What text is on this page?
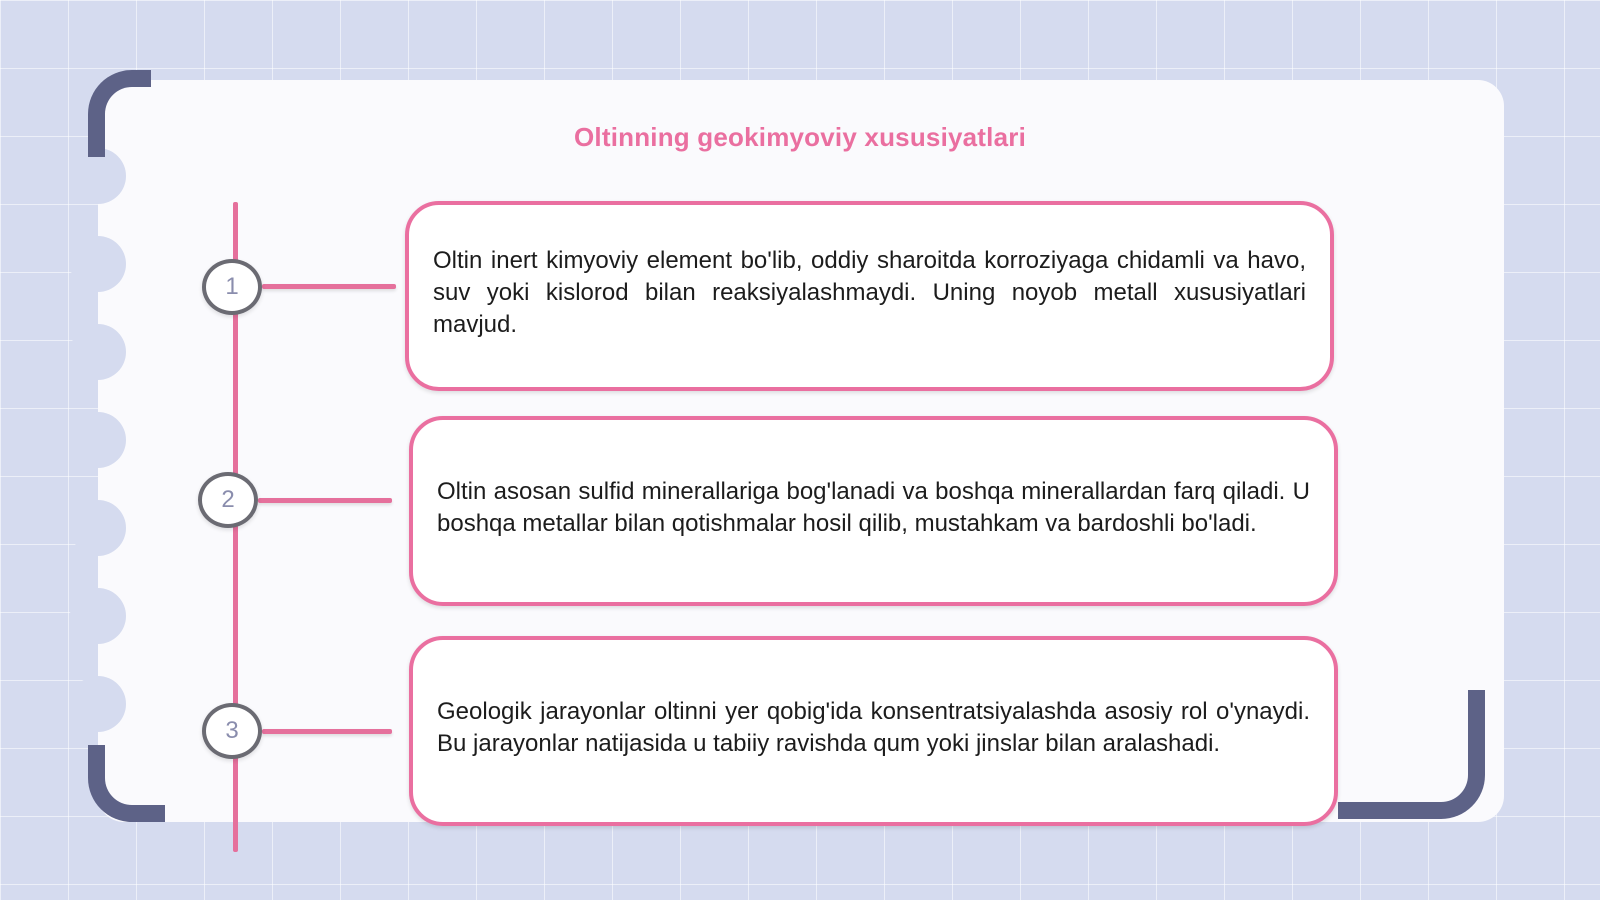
Oltinning geokimyoviy xususiyatlari
1
2
3

Oltin inert kimyoviy element bo'lib, oddiy sharoitda korroziyaga chidamli va havo, suv yoki kislorod bilan reaksiyalashmaydi. Uning noyob metall xususiyatlari mavjud.

Oltin asosan sulfid minerallariga bog'lanadi va boshqa minerallardan farq qiladi. U boshqa metallar bilan qotishmalar hosil qilib, mustahkam va bardoshli bo'ladi.

Geologik jarayonlar oltinni yer qobig'ida konsentratsiyalashda asosiy rol o'ynaydi. Bu jarayonlar natijasida u tabiiy ravishda qum yoki jinslar bilan aralashadi.
